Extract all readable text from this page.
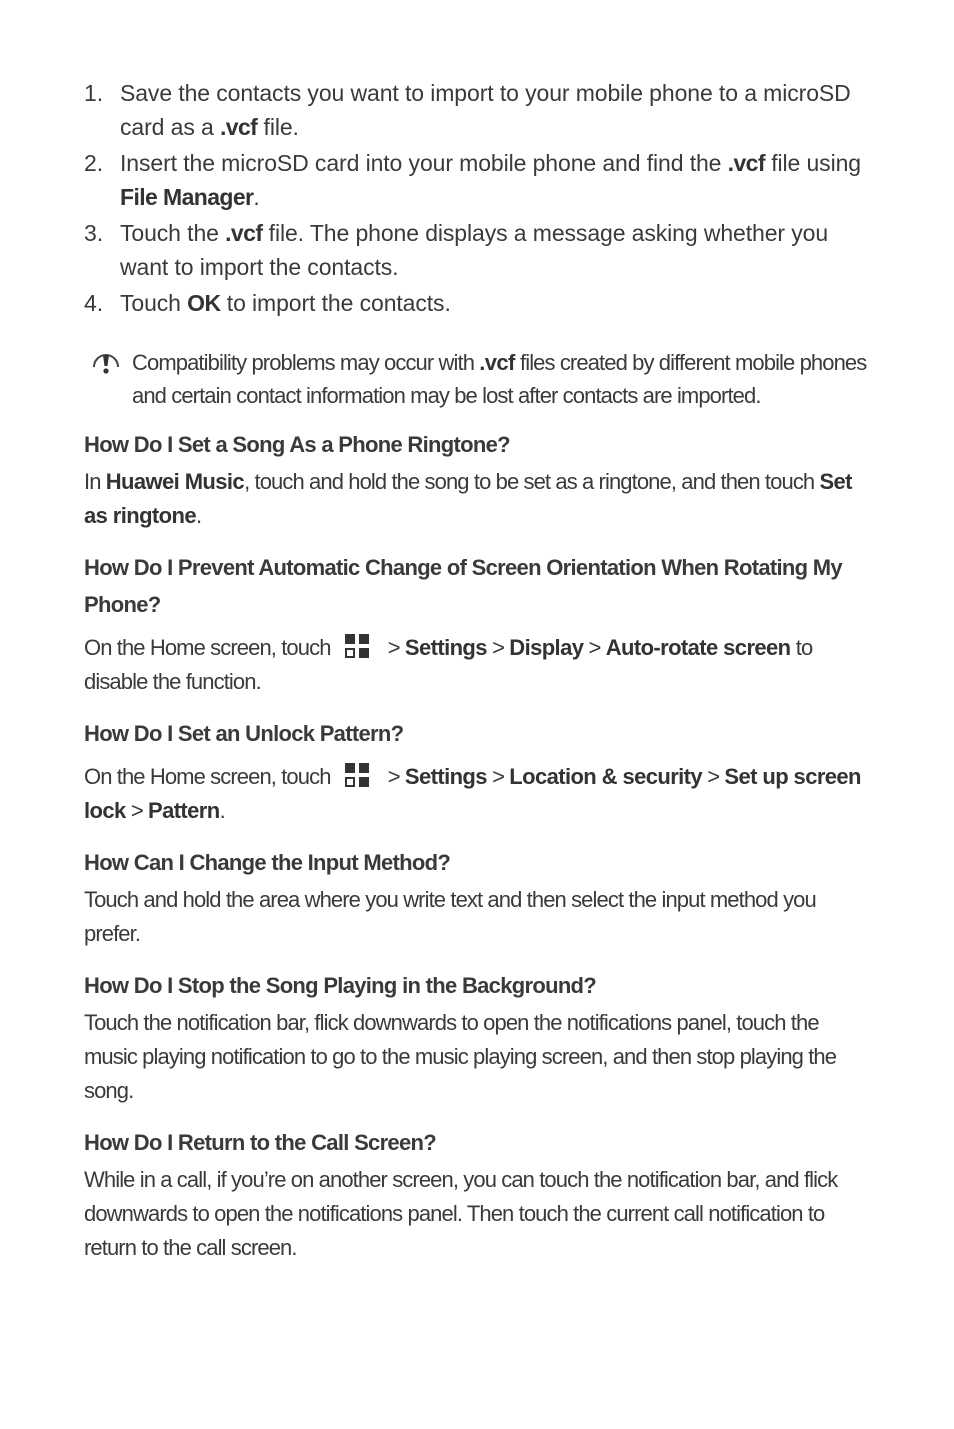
1. Save the contacts you want to import to your mobile phone to a microSD card as a .vcf file.
2. Insert the microSD card into your mobile phone and find the .vcf file using File Manager.
3. Touch the .vcf file. The phone displays a message asking whether you want to import the contacts.
4. Touch OK to import the contacts.
Compatibility problems may occur with .vcf files created by different mobile phones and certain contact information may be lost after contacts are imported.
How Do I Set a Song As a Phone Ringtone?
In Huawei Music, touch and hold the song to be set as a ringtone, and then touch Set as ringtone.
How Do I Prevent Automatic Change of Screen Orientation When Rotating My Phone?
On the Home screen, touch > Settings > Display > Auto-rotate screen to disable the function.
How Do I Set an Unlock Pattern?
On the Home screen, touch > Settings > Location & security > Set up screen lock > Pattern.
How Can I Change the Input Method?
Touch and hold the area where you write text and then select the input method you prefer.
How Do I Stop the Song Playing in the Background?
Touch the notification bar, flick downwards to open the notifications panel, touch the music playing notification to go to the music playing screen, and then stop playing the song.
How Do I Return to the Call Screen?
While in a call, if you’re on another screen, you can touch the notification bar, and flick downwards to open the notifications panel. Then touch the current call notification to return to the call screen.
